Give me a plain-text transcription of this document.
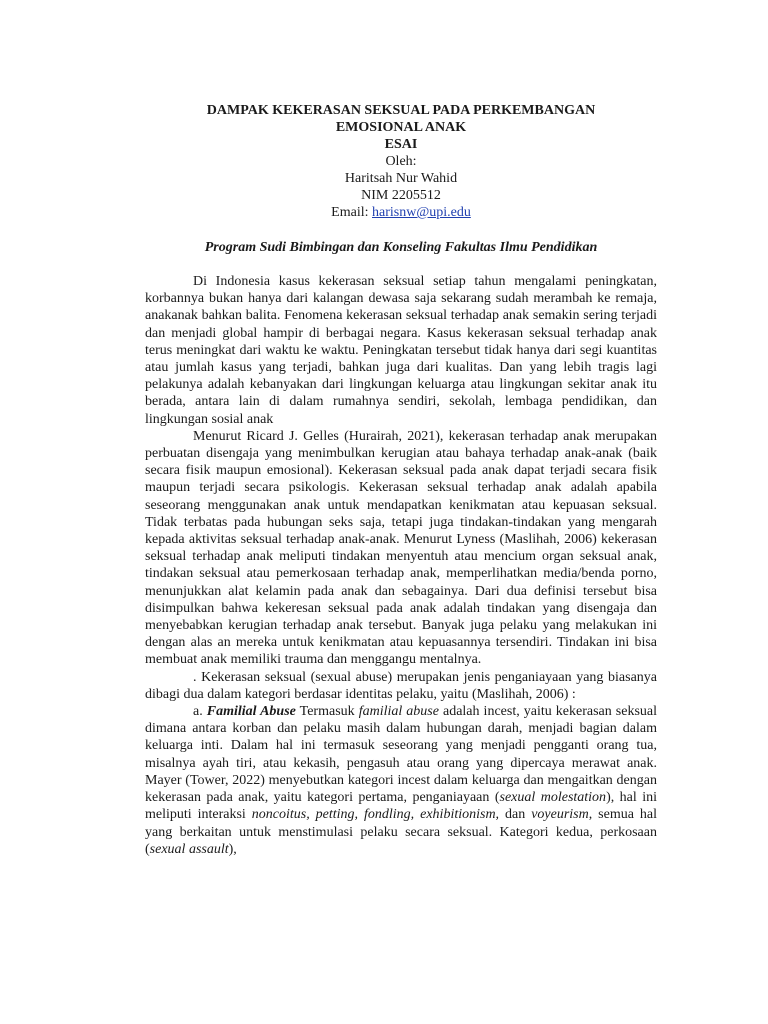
DAMPAK KEKERASAN SEKSUAL PADA PERKEMBANGAN
EMOSIONAL ANAK
ESAI
Oleh:
Haritsah Nur Wahid
NIM 2205512
Email: harisnw@upi.edu
Program Sudi Bimbingan dan Konseling Fakultas Ilmu Pendidikan

Di Indonesia kasus kekerasan seksual setiap tahun mengalami peningkatan, korbannya bukan hanya dari kalangan dewasa saja sekarang sudah merambah ke remaja, anakanak bahkan balita. Fenomena kekerasan seksual terhadap anak semakin sering terjadi dan menjadi global hampir di berbagai negara. Kasus kekerasan seksual terhadap anak terus meningkat dari waktu ke waktu. Peningkatan tersebut tidak hanya dari segi kuantitas atau jumlah kasus yang terjadi, bahkan juga dari kualitas. Dan yang lebih tragis lagi pelakunya adalah kebanyakan dari lingkungan keluarga atau lingkungan sekitar anak itu berada, antara lain di dalam rumahnya sendiri, sekolah, lembaga pendidikan, dan lingkungan sosial anak

Menurut Ricard J. Gelles (Hurairah, 2021), kekerasan terhadap anak merupakan perbuatan disengaja yang menimbulkan kerugian atau bahaya terhadap anak-anak (baik secara fisik maupun emosional). Kekerasan seksual pada anak dapat terjadi secara fisik maupun terjadi secara psikologis. Kekerasan seksual terhadap anak adalah apabila seseorang menggunakan anak untuk mendapatkan kenikmatan atau kepuasan seksual. Tidak terbatas pada hubungan seks saja, tetapi juga tindakan-tindakan yang mengarah kepada aktivitas seksual terhadap anak-anak. Menurut Lyness (Maslihah, 2006) kekerasan seksual terhadap anak meliputi tindakan menyentuh atau mencium organ seksual anak, tindakan seksual atau pemerkosaan terhadap anak, memperlihatkan media/benda porno, menunjukkan alat kelamin pada anak dan sebagainya. Dari dua definisi tersebut bisa disimpulkan bahwa kekeresan seksual pada anak adalah tindakan yang disengaja dan menyebabkan kerugian terhadap anak tersebut. Banyak juga pelaku yang melakukan ini dengan alas an mereka untuk kenikmatan atau kepuasannya tersendiri. Tindakan ini bisa membuat anak memiliki trauma dan menggangu mentalnya.

. Kekerasan seksual (sexual abuse) merupakan jenis penganiayaan yang biasanya dibagi dua dalam kategori berdasar identitas pelaku, yaitu (Maslihah, 2006) :

a. Familial Abuse Termasuk familial abuse adalah incest, yaitu kekerasan seksual dimana antara korban dan pelaku masih dalam hubungan darah, menjadi bagian dalam keluarga inti. Dalam hal ini termasuk seseorang yang menjadi pengganti orang tua, misalnya ayah tiri, atau kekasih, pengasuh atau orang yang dipercaya merawat anak. Mayer (Tower, 2022) menyebutkan kategori incest dalam keluarga dan mengaitkan dengan kekerasan pada anak, yaitu kategori pertama, penganiayaan (sexual molestation), hal ini meliputi interaksi noncoitus, petting, fondling, exhibitionism, dan voyeurism, semua hal yang berkaitan untuk menstimulasi pelaku secara seksual. Kategori kedua, perkosaan (sexual assault),
